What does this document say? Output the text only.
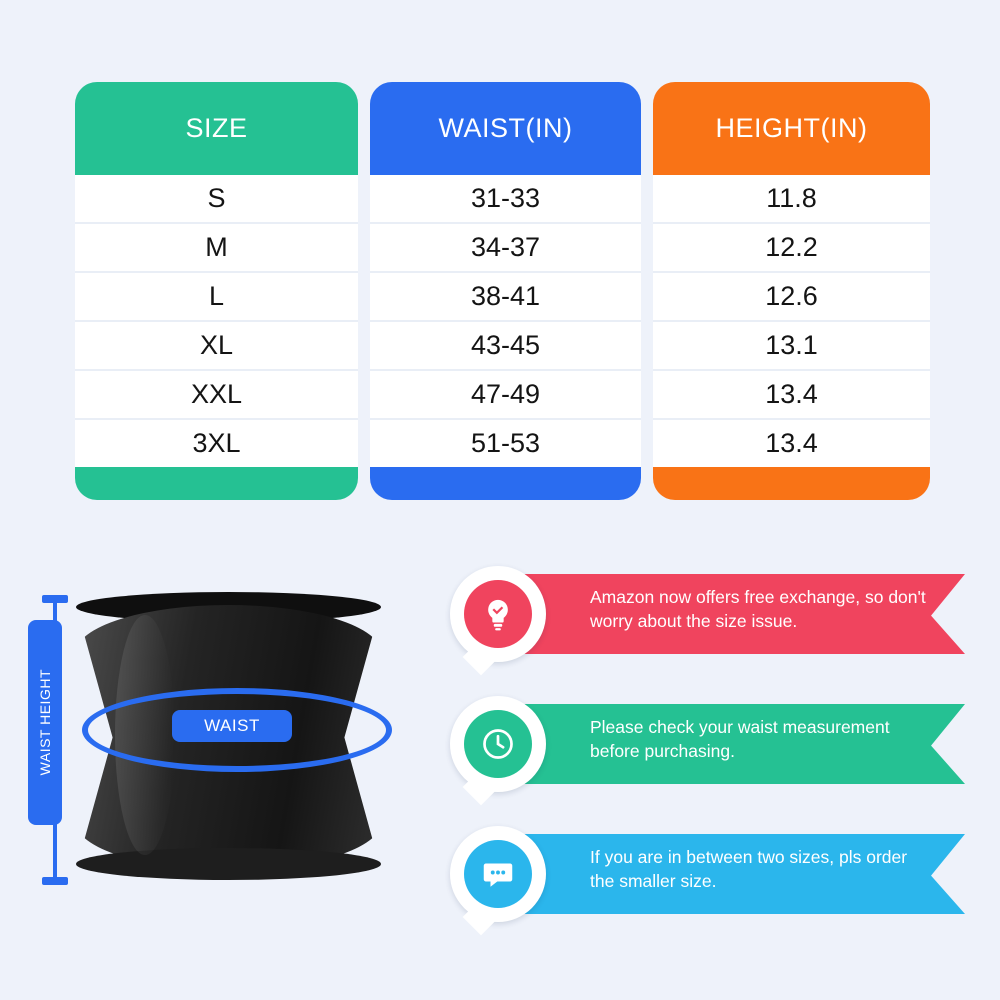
SIZE
S
M
L
XL
XXL
3XL
WAIST(IN)
31-33
34-37
38-41
43-45
47-49
51-53
HEIGHT(IN)
11.8
12.2
12.6
13.1
13.4
13.4
WAIST
WAIST HEIGHT
Amazon now offers free exchange, so don't worry about the size issue.
Please check your waist measurement before purchasing.
If you are in between two sizes, pls order the smaller size.
